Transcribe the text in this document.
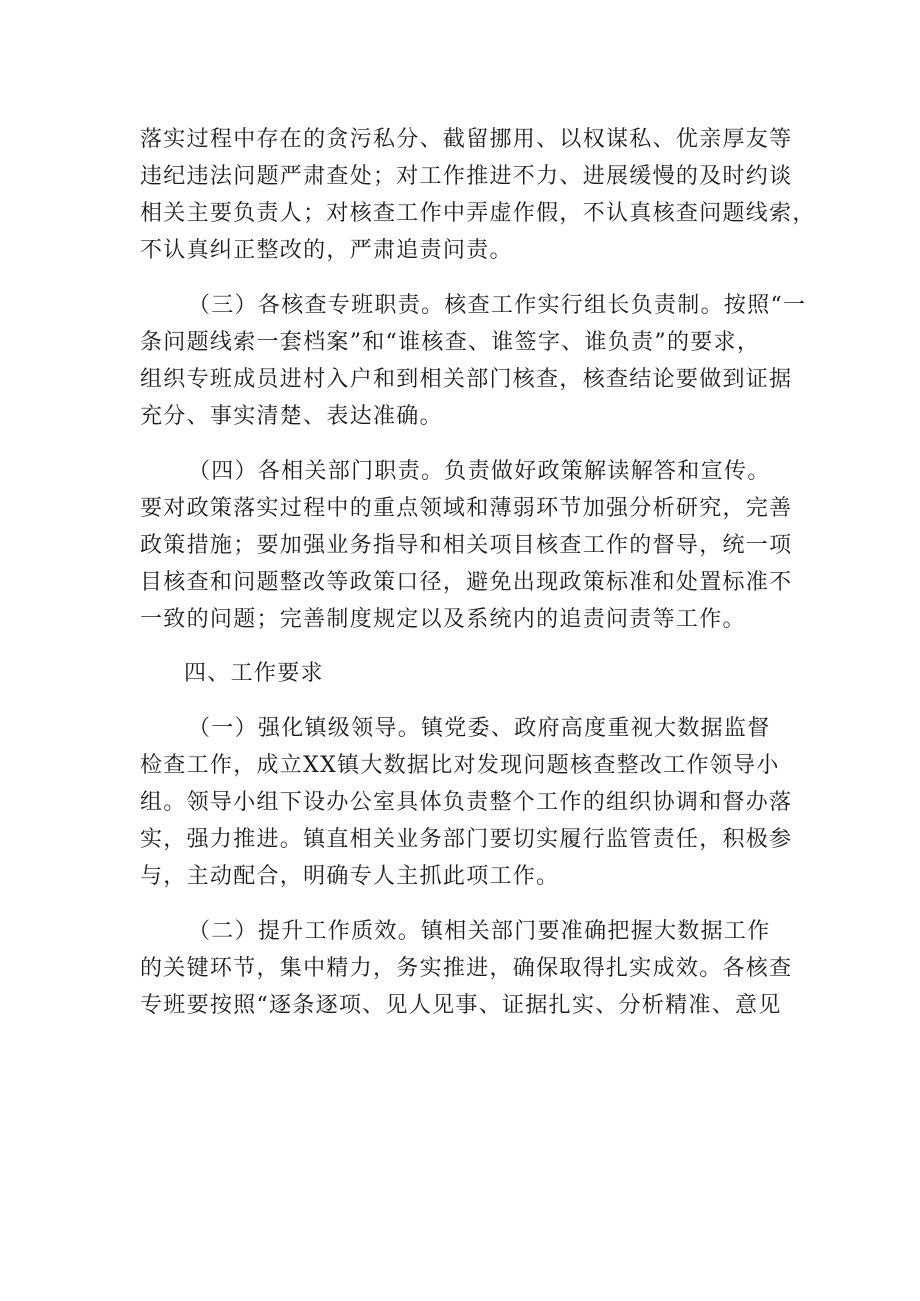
落实过程中存在的贪污私分、截留挪用、以权谋私、优亲厚友等
违纪违法问题严肃查处；对工作推进不力、进展缓慢的及时约谈
相关主要负责人；对核查工作中弄虚作假，不认真核查问题线索，
不认真纠正整改的，严肃追责问责。
（三）各核查专班职责。核查工作实行组长负责制。按照“一
条问题线索一套档案”和“谁核查、谁签字、谁负责”的要求，
组织专班成员进村入户和到相关部门核查，核查结论要做到证据
充分、事实清楚、表达准确。
（四）各相关部门职责。负责做好政策解读解答和宣传。
要对政策落实过程中的重点领域和薄弱环节加强分析研究，完善
政策措施；要加强业务指导和相关项目核查工作的督导，统一项
目核查和问题整改等政策口径，避免出现政策标准和处置标准不
一致的问题；完善制度规定以及系统内的追责问责等工作。
四、工作要求
（一）强化镇级领导。镇党委、政府高度重视大数据监督
检查工作，成立XX镇大数据比对发现问题核查整改工作领导小
组。领导小组下设办公室具体负责整个工作的组织协调和督办落
实，强力推进。镇直相关业务部门要切实履行监管责任，积极参
与，主动配合，明确专人主抓此项工作。
（二）提升工作质效。镇相关部门要准确把握大数据工作
的关键环节，集中精力，务实推进，确保取得扎实成效。各核查
专班要按照“逐条逐项、见人见事、证据扎实、分析精准、意见
